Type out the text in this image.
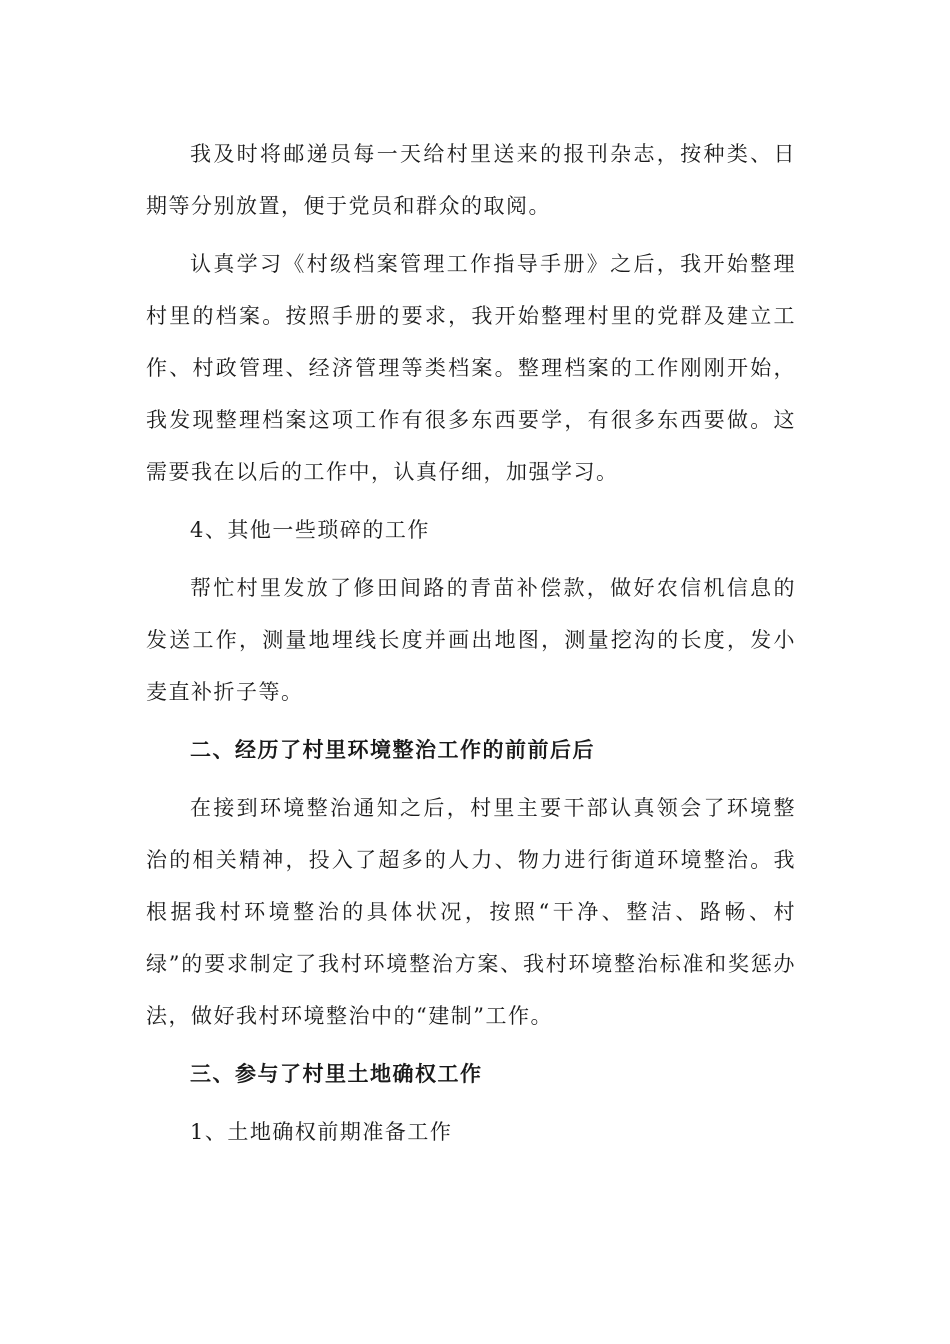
我及时将邮递员每一天给村里送来的报刊杂志，按种类、日期等分别放置，便于党员和群众的取阅。

认真学习《村级档案管理工作指导手册》之后，我开始整理村里的档案。按照手册的要求，我开始整理村里的党群及建立工作、村政管理、经济管理等类档案。整理档案的工作刚刚开始，我发现整理档案这项工作有很多东西要学，有很多东西要做。这需要我在以后的工作中，认真仔细，加强学习。

4、其他一些琐碎的工作

帮忙村里发放了修田间路的青苗补偿款，做好农信机信息的发送工作，测量地埋线长度并画出地图，测量挖沟的长度，发小麦直补折子等。

二、经历了村里环境整治工作的前前后后

在接到环境整治通知之后，村里主要干部认真领会了环境整治的相关精神，投入了超多的人力、物力进行街道环境整治。我根据我村环境整治的具体状况，按照“干净、整洁、路畅、村绿”的要求制定了我村环境整治方案、我村环境整治标准和奖惩办法，做好我村环境整治中的“建制”工作。

三、参与了村里土地确权工作

1、土地确权前期准备工作
